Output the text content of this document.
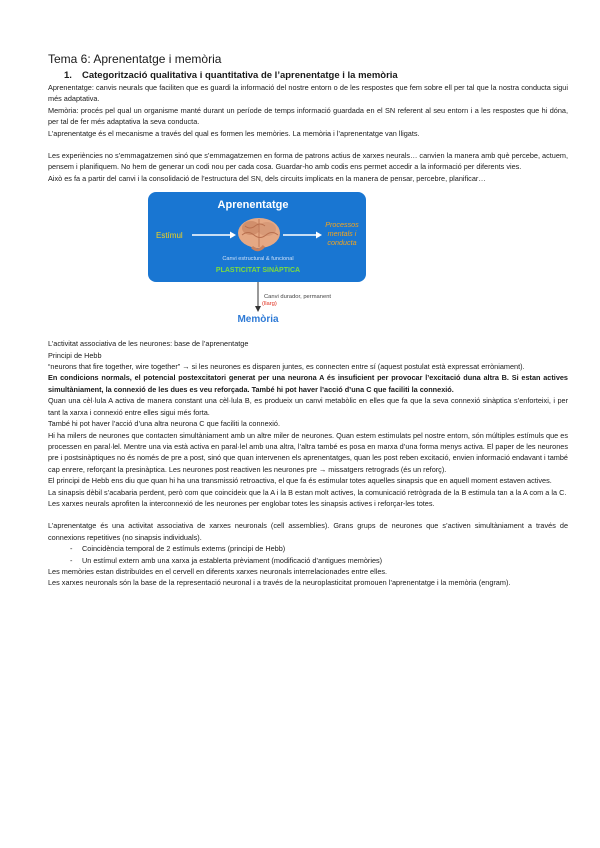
Tema 6: Aprenentatge i memòria
1. Categorització qualitativa i quantitativa de l’aprenentatge i la memòria

Aprenentatge: canvis neurals que faciliten que es guardi la informació del nostre entorn o de les respostes que fem sobre ell per tal que la nostra conducta sigui més adaptativa.

Memòria: procés pel qual un organisme manté durant un període de temps informació guardada en el SN referent al seu entorn i a les respostes que hi dóna, per tal de fer més adaptativa la seva conducta.

L’aprenentatge és el mecanisme a través del qual es formen les memòries. La memòria i l’aprenentatge van lligats.

Les experiències no s’emmagatzemen sinó que s’emmagatzemen en forma de patrons actius de xarxes neurals… canvien la manera amb què percebe, actuem, pensem i planifiquem. No hem de generar un codi nou per cada cosa. Guardar-ho amb codis ens permet accedir a la informació per diferents vies.

Això es fa a partir del canvi i la consolidació de l’estructura del SN, dels circuits implicats en la manera de pensar, percebre, planificar…

Aprenentatge
Estímul
Processos
mentals i
conducta
Canvi estructural & funcional
PLASTICITAT SINÀPTICA
Canvi durador, permanent
(llarg)
Memòria

L’activitat associativa de les neurones: base de l’aprenentatge

Principi de Hebb

“neurons that fire together, wire together” → si les neurones es disparen juntes, es connecten entre sí (aquest postulat està expressat erròniament).

En condicions normals, el potencial postexcitatori generat per una neurona A és insuficient per provocar l’excitació duna altra B. Si estan actives simultàniament, la connexió de les dues es veu reforçada. També hi pot haver l’acció d’una C que faciliti la connexió.

Quan una cèl·lula A activa de manera constant una cèl·lula B, es produeix un canvi metabòlic en elles que fa que la seva connexió sinàptica s’enforteixi, i per tant la xarxa i connexió entre elles sigui més forta.

També hi pot haver l’acció d’una altra neurona C que faciliti la connexió.

Hi ha milers de neurones que contacten simultàniament amb un altre miler de neurones. Quan estem estimulats pel nostre entorn, són múltiples estímuls que es processen en paral·lel. Mentre una via està activa en paral·lel amb una altra, l’altra també es posa en marxa d’una forma menys activa. El paper de les neurones pre i postsinàptiques no és només de pre a post, sinó que quan intervenen els aprenentatges, quan les post reben excitació, envien informació endavant i també cap enrere, reforçant la presinàptica. Les neurones post reactiven les neurones pre → missatgers retrograds (és un reforç).

El principi de Hebb ens diu que quan hi ha una transmissió retroactiva, el que fa és estimular totes aquelles sinapsis que en aquell moment estaven actives.

La sinapsis dèbil s’acabaria perdent, però com que coincideix que la A i la B estan molt actives, la comunicació retrògrada de la B estimula tan a la A com a la C.

Les xarxes neurals aprofiten la interconnexió de les neurones per englobar totes les sinapsis actives i reforçar-les totes.

L’aprenentatge és una activitat associativa de xarxes neuronals (cell assemblies). Grans grups de neurones que s’activen simultàniament a través de connexions repetitives (no sinapsis individuals).

- Coincidència temporal de 2 estímuls externs (principi de Hebb)
- Un estímul extern amb una xarxa ja establerta prèviament (modificació d’antigues memòries)

Les memòries estan distribuïdes en el cervell en diferents xarxes neuronals interrelacionades entre elles.

Les xarxes neuronals són la base de la representació neuronal i a través de la neuroplasticitat promouen l’aprenentatge i la memòria (engram).
